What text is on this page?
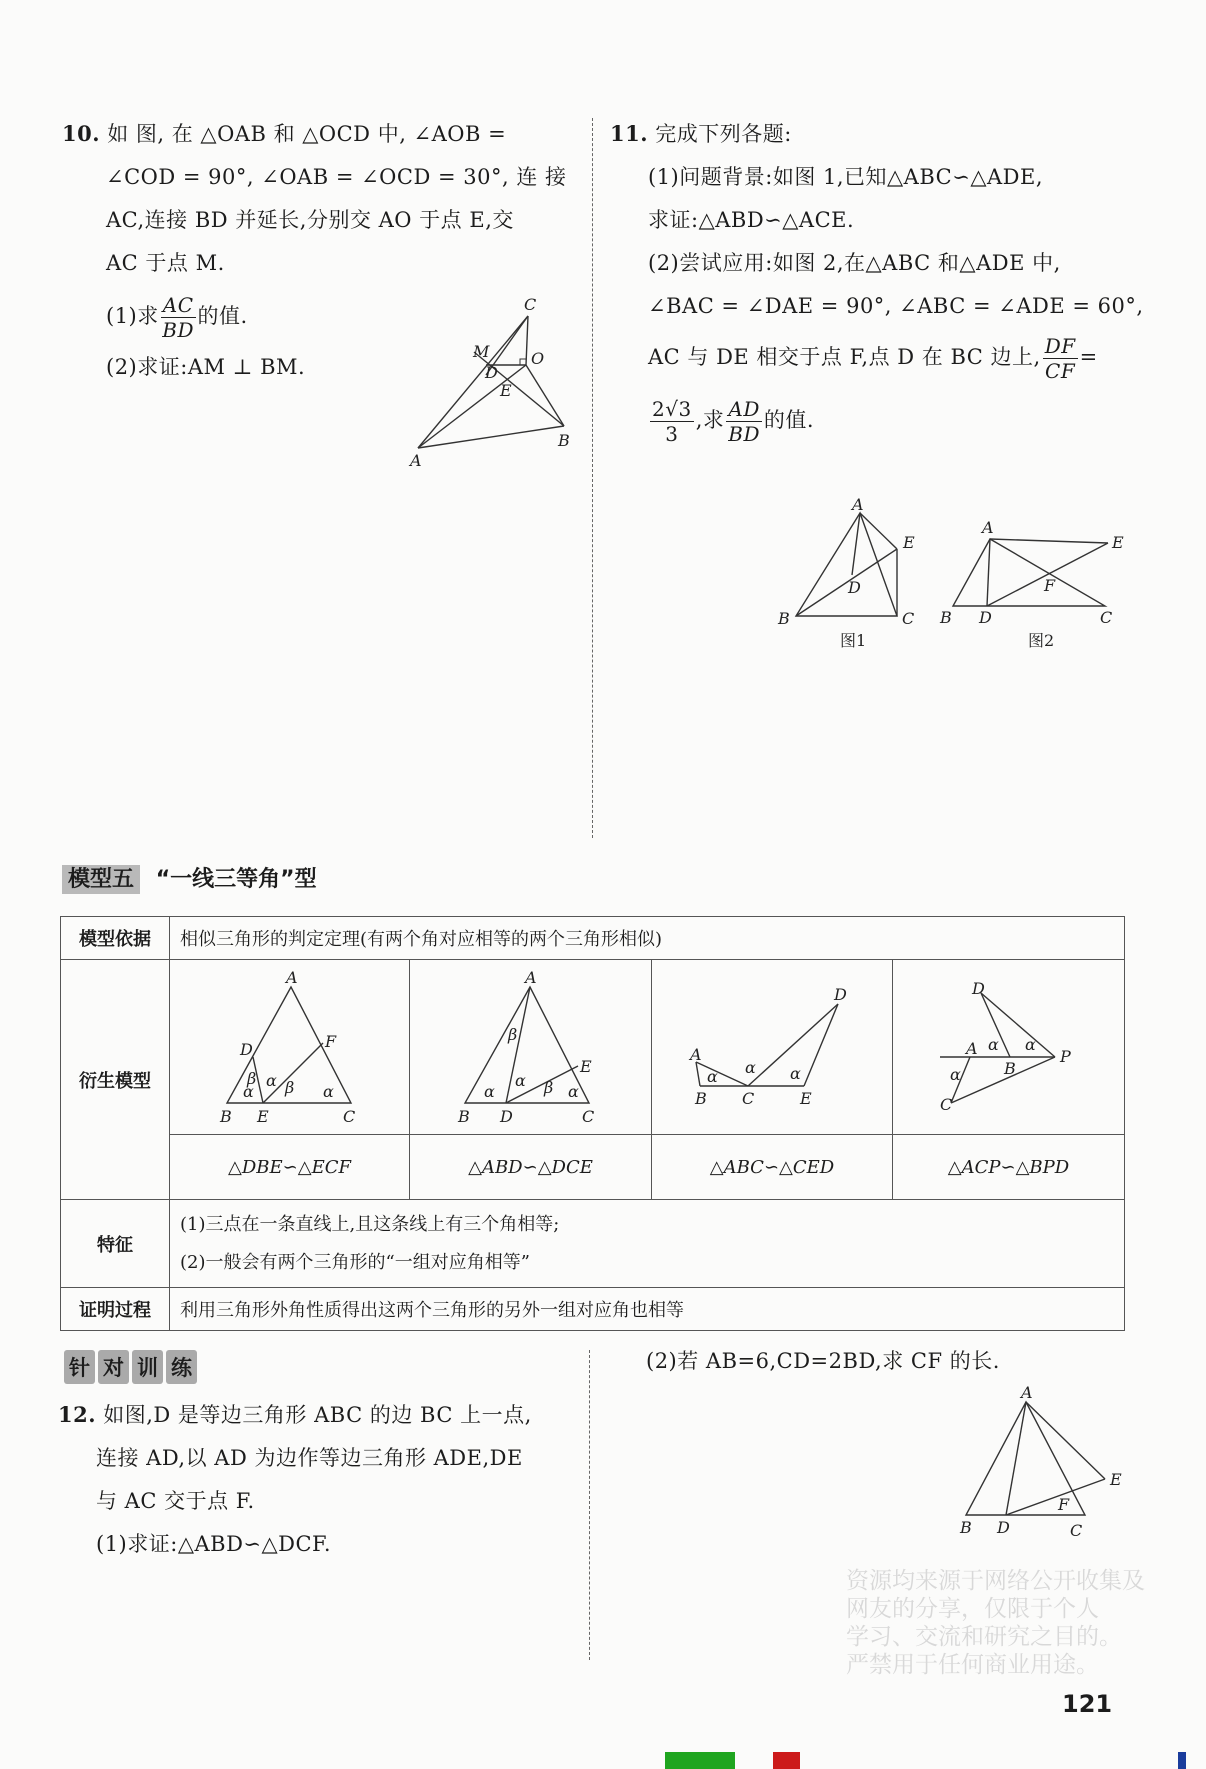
10. 如 图, 在 △OAB 和 △OCD 中, ∠AOB =
∠COD = 90°, ∠OAB = ∠OCD = 30°, 连 接
AC,连接 BD 并延长,分别交 AO 于点 E,交
AC 于点 M.
(1)求 $\frac{AC}{BD}$ 的值.
(2)求证:AM ⊥ BM.
11. 完成下列各题:
(1)问题背景:如图 1,已知△ABC∽△ADE,
求证:△ABD∽△ACE.
(2)尝试应用:如图 2,在△ABC 和△ADE 中,
∠BAC = ∠DAE = 90°, ∠ABC = ∠ADE = 60°,
AC 与 DE 相交于点 F,点 D 在 BC 边上, $\frac{DF}{CF}$ =
$\frac{2√3}{3}$ ,求 $\frac{AD}{BD}$ 的值.
模型五 “一线三等角”型
模型依据	相似三角形的判定定理(有两个角对应相等的两个三角形相似)			
衍生模型				
	△DBE∽△ECF	△ABD∽△DCE	△ABC∽△CED	△ACP∽△BPD
特征	(1)三点在一条直线上,且这条线上有三个角相等;
(2)一般会有两个三角形的“一组对应角相等”			

证明过程	利用三角形外角性质得出这两个三角形的另外一组对应角也相等			
针 对 训 练
12. 如图,D 是等边三角形 ABC 的边 BC 上一点,
连接 AD,以 AD 为边作等边三角形 ADE,DE
与 AC 交于点 F.
(1)求证:△ABD∽△DCF.
(2)若 AB=6,CD=2BD,求 CF 的长.
资源均来源于网络公开收集及
网友的分享，仅限于个人
学习、交流和研究之目的。
严禁用于任何商业用途。
121
A
B
C
O
D
E
M
A
B	C
D
E
图1
A
B	C
D
E
F
图2
A
B	C
D
E
F
α
α
α
β β
A
B	C
D
E
α
α
α
β
β
A
B C
D
E
α α α
D
P
A
B
C
α α
α
A
B	C
D
E
F
